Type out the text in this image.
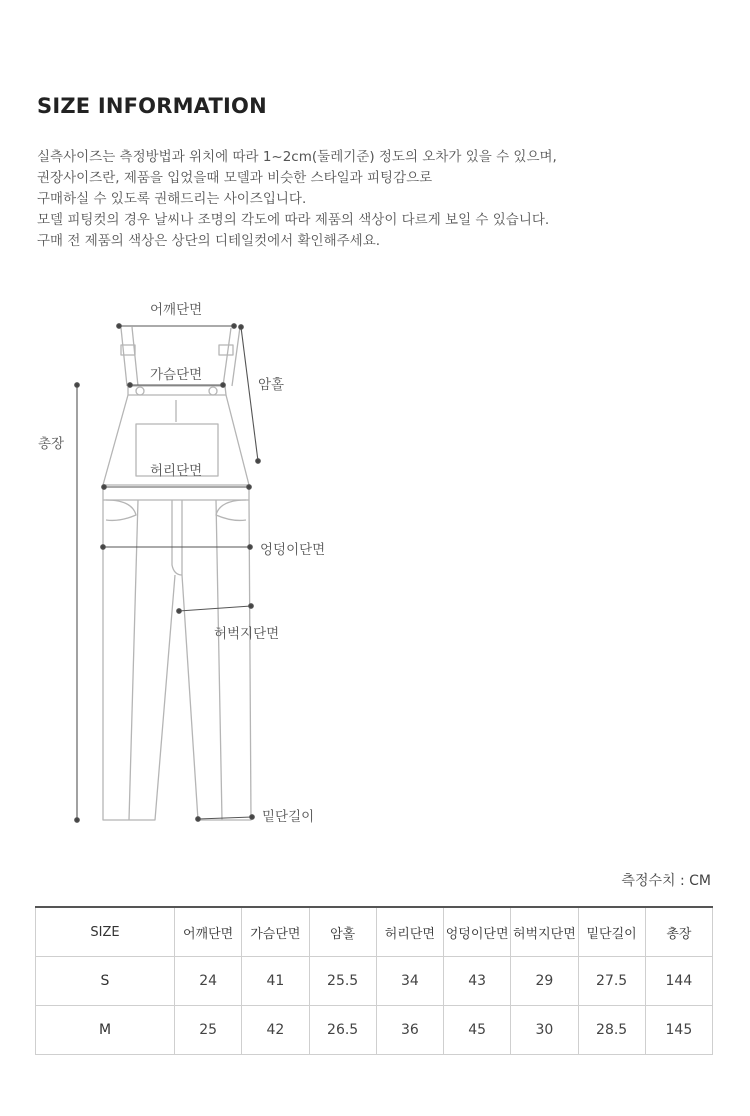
SIZE INFORMATION
실측사이즈는 측정방법과 위치에 따라 1~2cm(둘레기준) 정도의 오차가 있을 수 있으며,
권장사이즈란, 제품을 입었을때 모델과 비슷한 스타일과 피팅감으로
구매하실 수 있도록 권해드리는 사이즈입니다.
모델 피팅컷의 경우 날씨나 조명의 각도에 따라 제품의 색상이 다르게 보일 수 있습니다.
구매 전 제품의 색상은 상단의 디테일컷에서 확인해주세요.
어깨단면
가슴단면
암홀
총장
허리단면
엉덩이단면
허벅지단면
밑단길이
측정수치 : CM
SIZE	어깨단면	가슴단면	암홀	허리단면	엉덩이단면	허벅지단면	밑단길이	총장
S	24	41	25.5	34	43	29	27.5	144
M	25	42	26.5	36	45	30	28.5	145
